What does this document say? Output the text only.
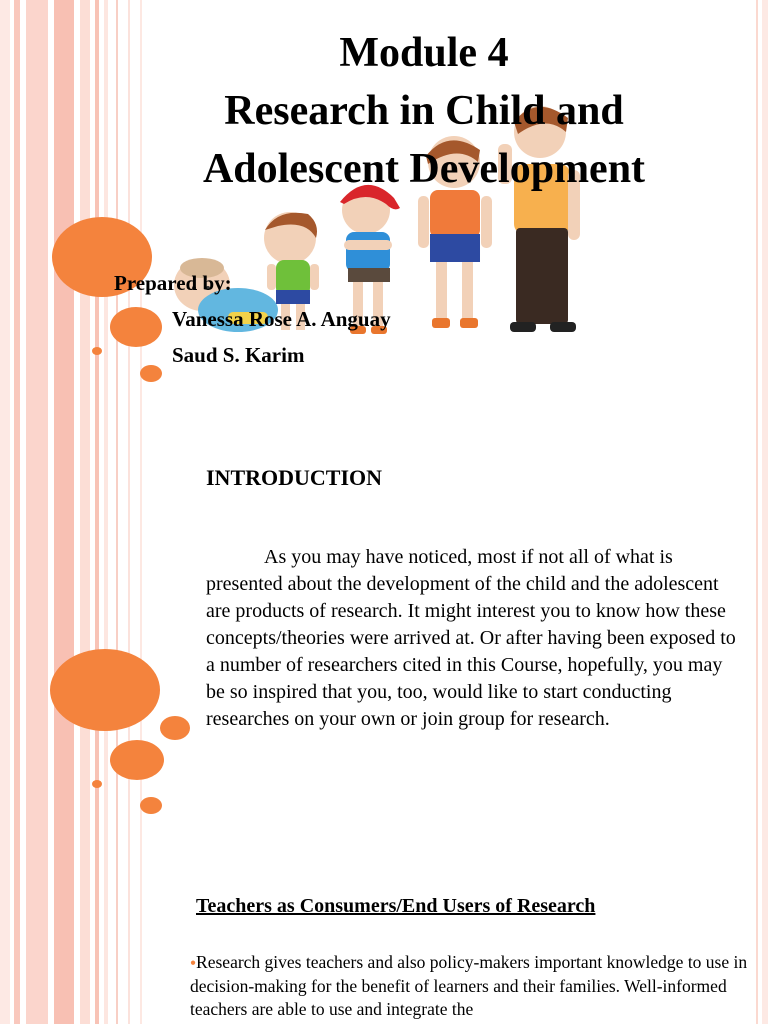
Module 4
Research in Child and
Adolescent Development
Prepared by:
Vanessa Rose A. Anguay
Saud S. Karim
INTRODUCTION
As you may have noticed, most if not all of what is presented about the development of the child and the adolescent are products of research. It might interest you to know how these concepts/theories were arrived at. Or after having been exposed to a number of researchers cited in this Course, hopefully, you may be so inspired that you, too, would like to start conducting researches on your own or join group for research.
Teachers as Consumers/End Users of Research
●Research gives teachers and also policy-makers important knowledge to use in decision-making for the benefit of learners and their families. Well-informed teachers are able to use and integrate the
